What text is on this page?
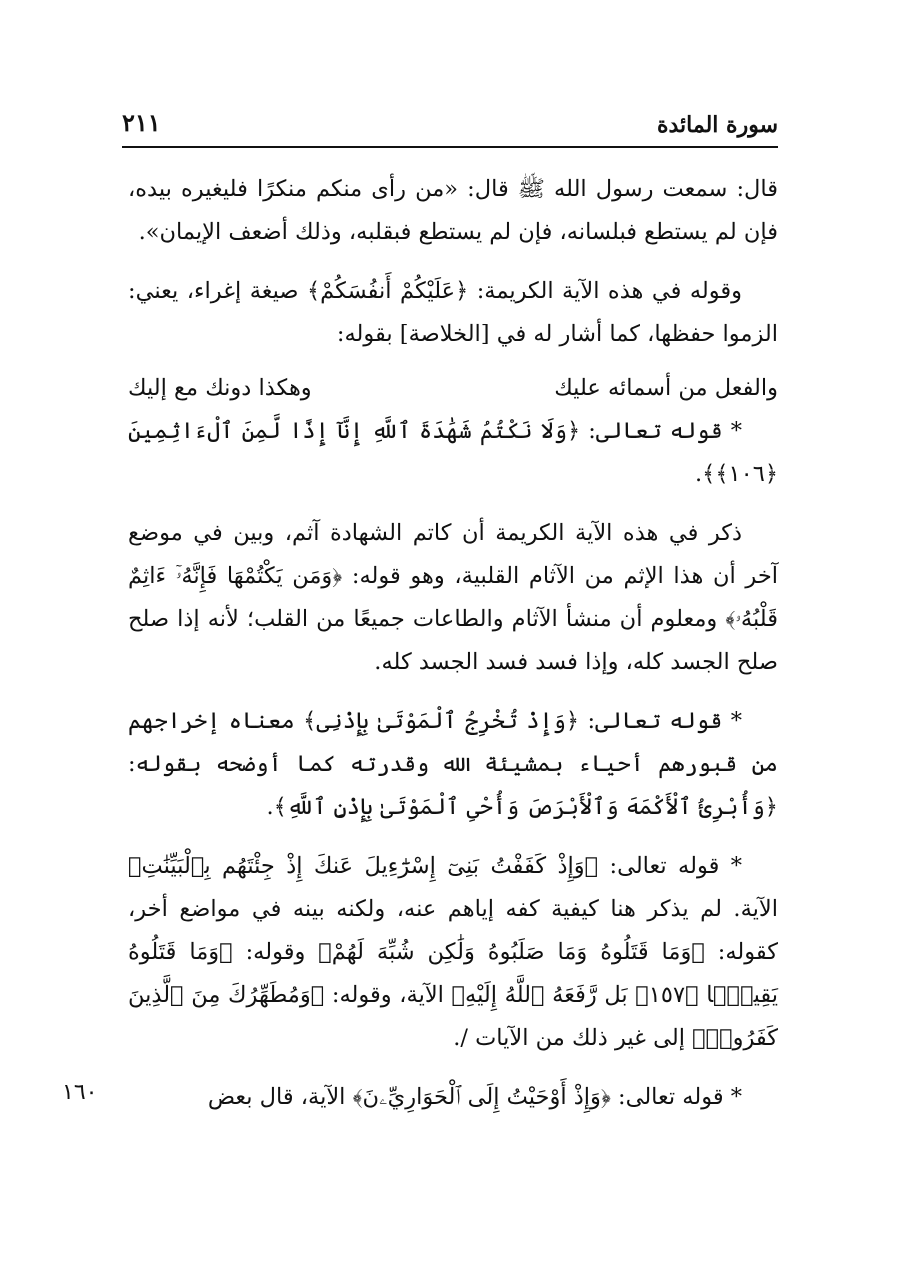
سورة المائدة
٢١١
١٦٠

قال: سمعت رسول الله ﷺ قال: «من رأى منكم منكرًا فليغيره بيده، فإن لم يستطع فبلسانه، فإن لم يستطع فبقلبه، وذلك أضعف الإيمان».

وقوله في هذه الآية الكريمة: ﴿عَلَيْكُمْ أَنفُسَكُمْ﴾ صيغة إغراء، يعني: الزموا حفظها، كما أشار له في [الخلاصة] بقوله:

والفعل من أسمائه عليك
وهكذا دونك مع إليك

* قوله تعالى: ﴿وَلَا نَكْتُمُ شَهَٰدَةَ ٱللَّهِ إِنَّآ إِذًا لَّمِنَ ٱلْءَاثِمِينَ ﴿١٠٦﴾﴾.

ذكر في هذه الآية الكريمة أن كاتم الشهادة آثم، وبين في موضع آخر أن هذا الإثم من الآثام القلبية، وهو قوله: ﴿وَمَن يَكْتُمْهَا فَإِنَّهُۥٓ ءَاثِمٌ قَلْبُهُۥ﴾ ومعلوم أن منشأ الآثام والطاعات جميعًا من القلب؛ لأنه إذا صلح صلح الجسد كله، وإذا فسد فسد الجسد كله.

* قوله تعالى: ﴿وَإِذْ تُخْرِجُ ٱلْمَوْتَىٰ بِإِذْنِى﴾ معناه إخراجهم من قبورهم أحياء بمشيئة الله وقدرته كما أوضحه بقوله: ﴿وَأُبْرِئُ ٱلْأَكْمَهَ وَٱلْأَبْرَصَ وَأُحْىِ ٱلْمَوْتَىٰ بِإِذْنِ ٱللَّهِ﴾.

* قوله تعالى: ﴿وَإِذْ كَفَفْتُ بَنِىٓ إِسْرَٰٓءِيلَ عَنكَ إِذْ جِئْتَهُم بِٱلْبَيِّنَٰتِ﴾ الآية. لم يذكر هنا كيفية كفه إياهم عنه، ولكنه بينه في مواضع أخر، كقوله: ﴿وَمَا قَتَلُوهُ وَمَا صَلَبُوهُ وَلَٰكِن شُبِّهَ لَهُمْ﴾ وقوله: ﴿وَمَا قَتَلُوهُ يَقِينًۢا ﴿١٥٧﴾ بَل رَّفَعَهُ ٱللَّهُ إِلَيْهِ﴾ الآية، وقوله: ﴿وَمُطَهِّرُكَ مِنَ ٱلَّذِينَ كَفَرُوا۟﴾ إلى غير ذلك من الآيات /.

* قوله تعالى: ﴿وَإِذْ أَوْحَيْتُ إِلَى ٱلْحَوَارِيِّۦنَ﴾ الآية، قال بعض
